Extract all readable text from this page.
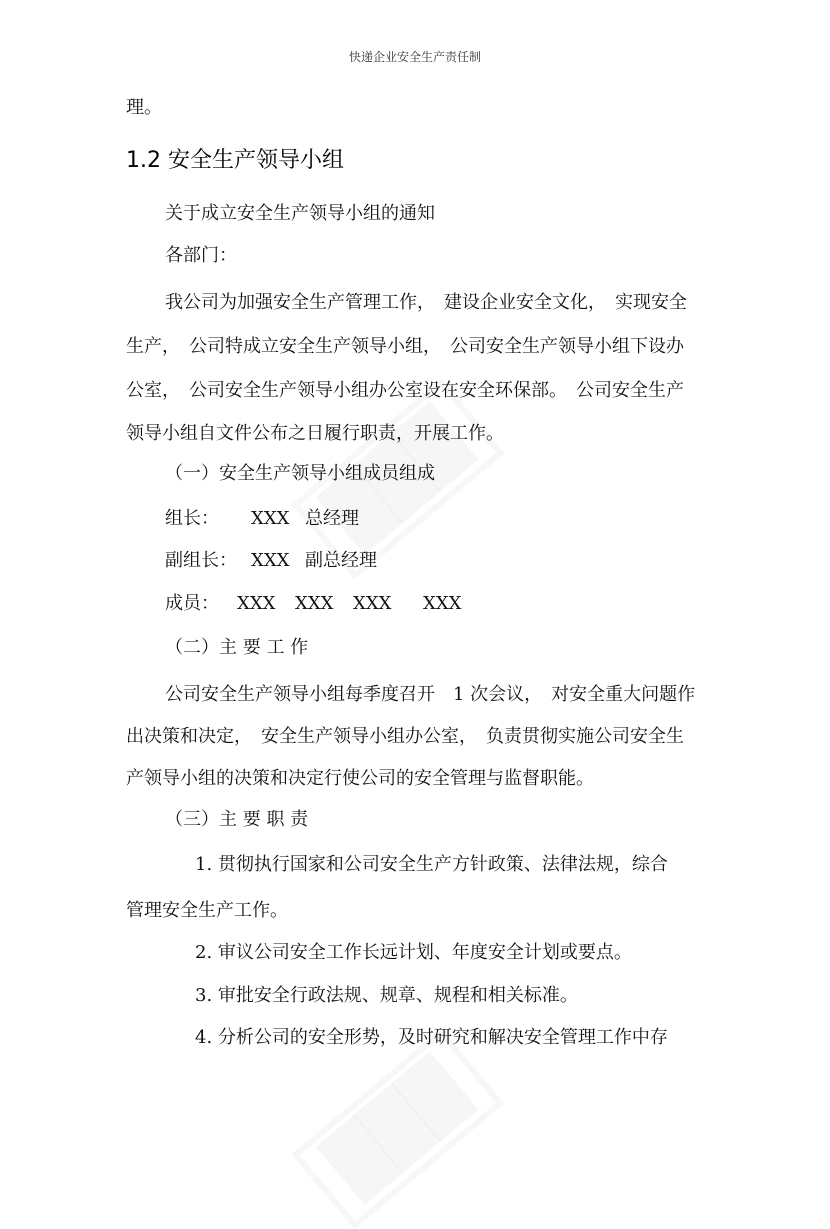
快递企业安全生产责任制
理。
1.2 安全生产领导小组
关于成立安全生产领导小组的通知
各部门：
我公司为加强安全生产管理工作，　建设企业安全文化，　实现安全
生产，　公司特成立安全生产领导小组，　公司安全生产领导小组下设办
公室，　公司安全生产领导小组办公室设在安全环保部。　公司安全生产
领导小组自文件公布之日履行职责，开展工作。
（一）安全生产领导小组成员组成
组长： XXX 总经理
副组长： XXX 副总经理
成员： XXX XXX XXX XXX
（二）主 要 工 作
公司安全生产领导小组每季度召开　1 次会议，　对安全重大问题作
出决策和决定，　安全生产领导小组办公室，　负责贯彻实施公司安全生
产领导小组的决策和决定行使公司的安全管理与监督职能。
（三）主 要 职 责
1. 贯彻执行国家和公司安全生产方针政策、法律法规，综合
管理安全生产工作。
2. 审议公司安全工作长远计划、年度安全计划或要点。
3. 审批安全行政法规、规章、规程和相关标准。
4. 分析公司的安全形势，及时研究和解决安全管理工作中存
